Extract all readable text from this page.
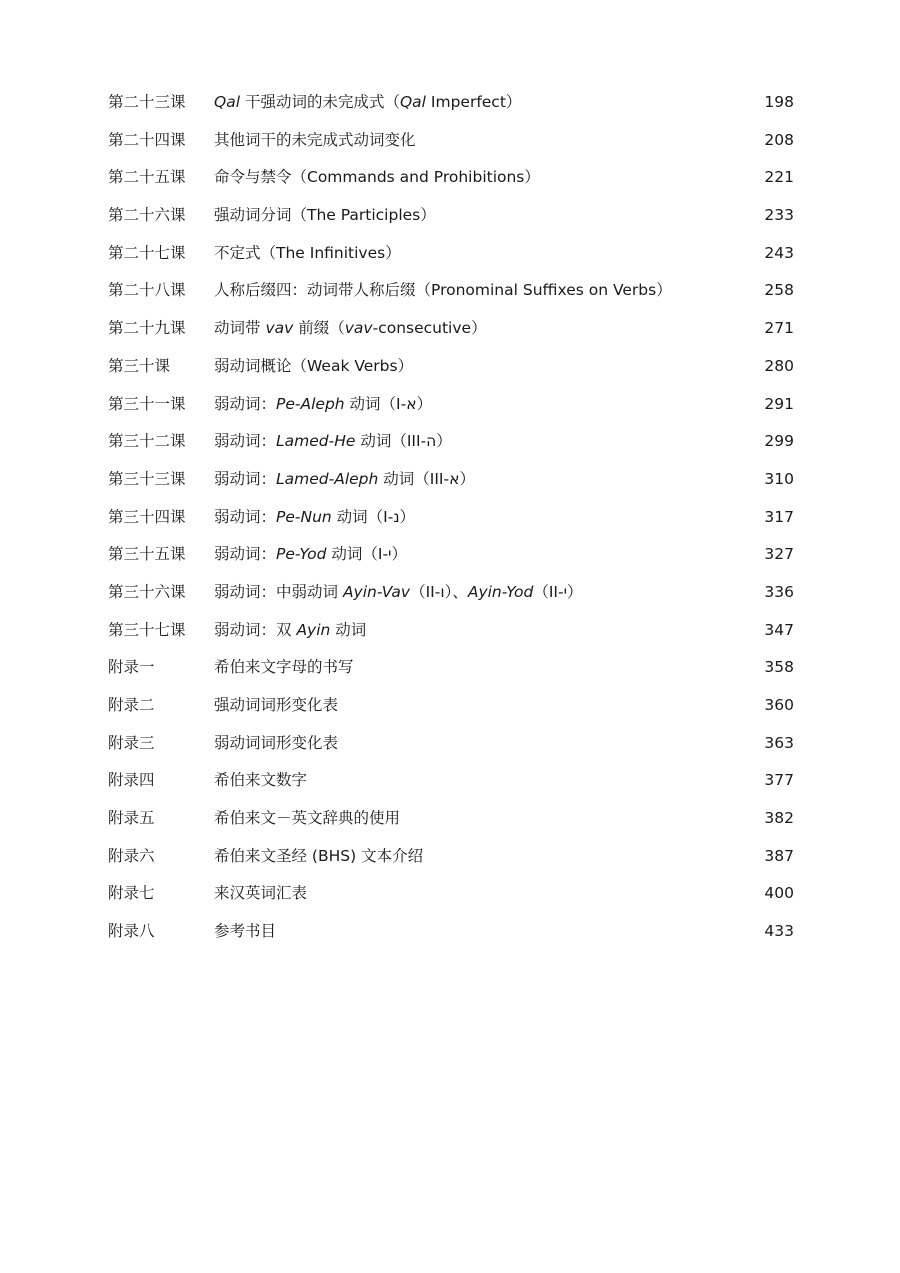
第二十三课 Qal 干强动词的未完成式（Qal Imperfect）	198
第二十四课 其他词干的未完成式动词变化	208
第二十五课 命令与禁令（Commands and Prohibitions）	221
第二十六课 强动词分词（The Participles）	233
第二十七课 不定式（The Infinitives）	243
第二十八课 人称后缀四：动词带人称后缀（Pronominal Suffixes on Verbs）	258
第二十九课 动词带 vav 前缀（vav-consecutive）	271
第三十课	弱动词概论（Weak Verbs）	280
第三十一课 弱动词：Pe-Aleph 动词（I-א）	291
第三十二课 弱动词：Lamed-He 动词（III-ה）	299
第三十三课 弱动词：Lamed-Aleph 动词（III-א）	310
第三十四课 弱动词：Pe-Nun 动词（I-נ）	317
第三十五课 弱动词：Pe-Yod 动词（I-י）	327
第三十六课 弱动词：中弱动词 Ayin-Vav（II-ו）、Ayin-Yod（II-י）	336
第三十七课 弱动词：双 Ayin 动词	347
附录一	希伯来文字母的书写	358
附录二	强动词词形变化表	360
附录三	弱动词词形变化表	363
附录四	希伯来文数字	377
附录五	希伯来文－英文辞典的使用	382
附录六	希伯来文圣经 (BHS) 文本介绍	387
附录七	来汉英词汇表	400
附录八	参考书目	433
